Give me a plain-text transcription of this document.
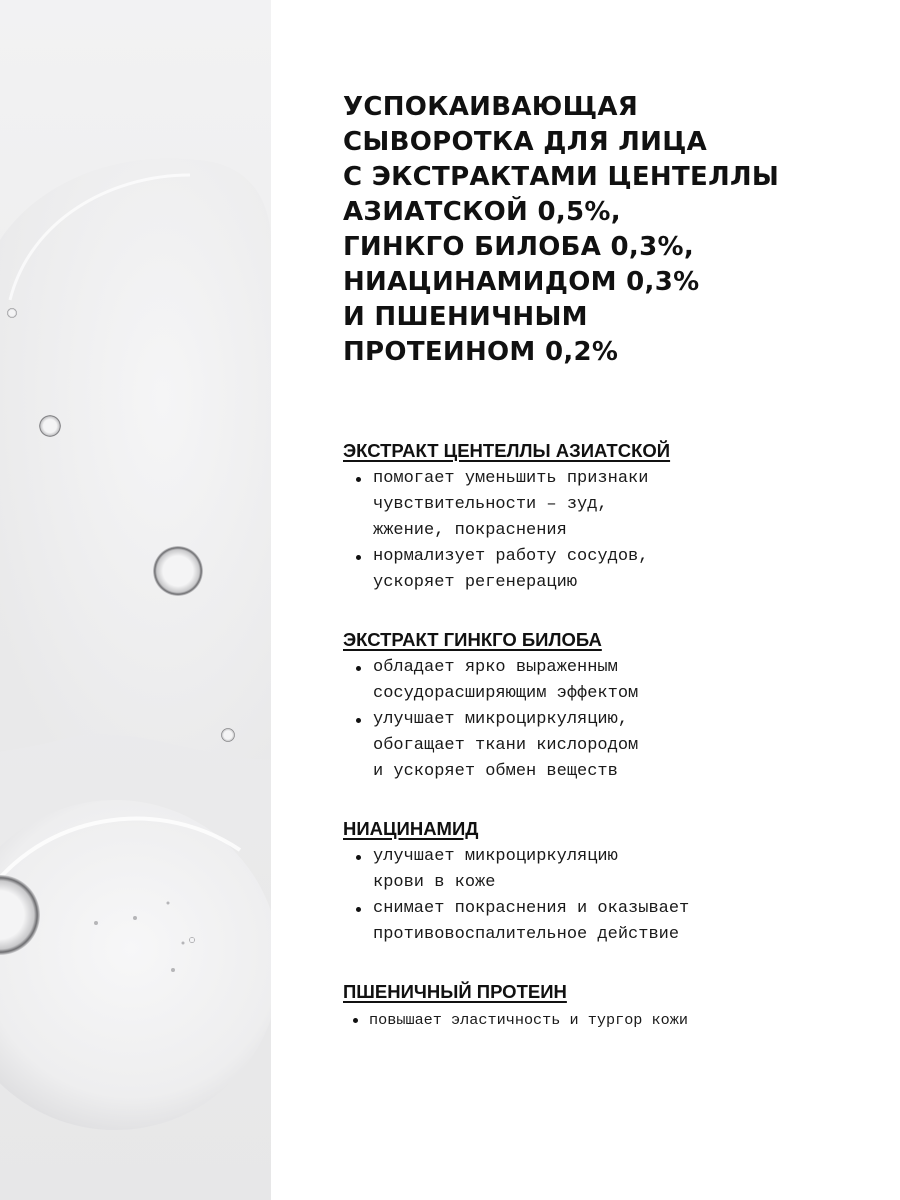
УСПОКАИВАЮЩАЯ
СЫВОРОТКА ДЛЯ ЛИЦА
С ЭКСТРАКТАМИ ЦЕНТЕЛЛЫ
АЗИАТСКОЙ 0,5%,
ГИНКГО БИЛОБА 0,3%,
НИАЦИНАМИДОМ 0,3%
И ПШЕНИЧНЫМ
ПРОТЕИНОМ 0,2%
ЭКСТРАКТ ЦЕНТЕЛЛЫ АЗИАТСКОЙ
помогает уменьшить признаки
чувствительности – зуд,
жжение, покраснения
нормализует работу сосудов,
ускоряет регенерацию
ЭКСТРАКТ ГИНКГО БИЛОБА
обладает ярко выраженным
сосудорасширяющим эффектом
улучшает микроциркуляцию,
обогащает ткани кислородом
и ускоряет обмен веществ
НИАЦИНАМИД
улучшает микроциркуляцию
крови в коже
снимает покраснения и оказывает
противовоспалительное действие
ПШЕНИЧНЫЙ ПРОТЕИН
повышает эластичность и тургор кожи
